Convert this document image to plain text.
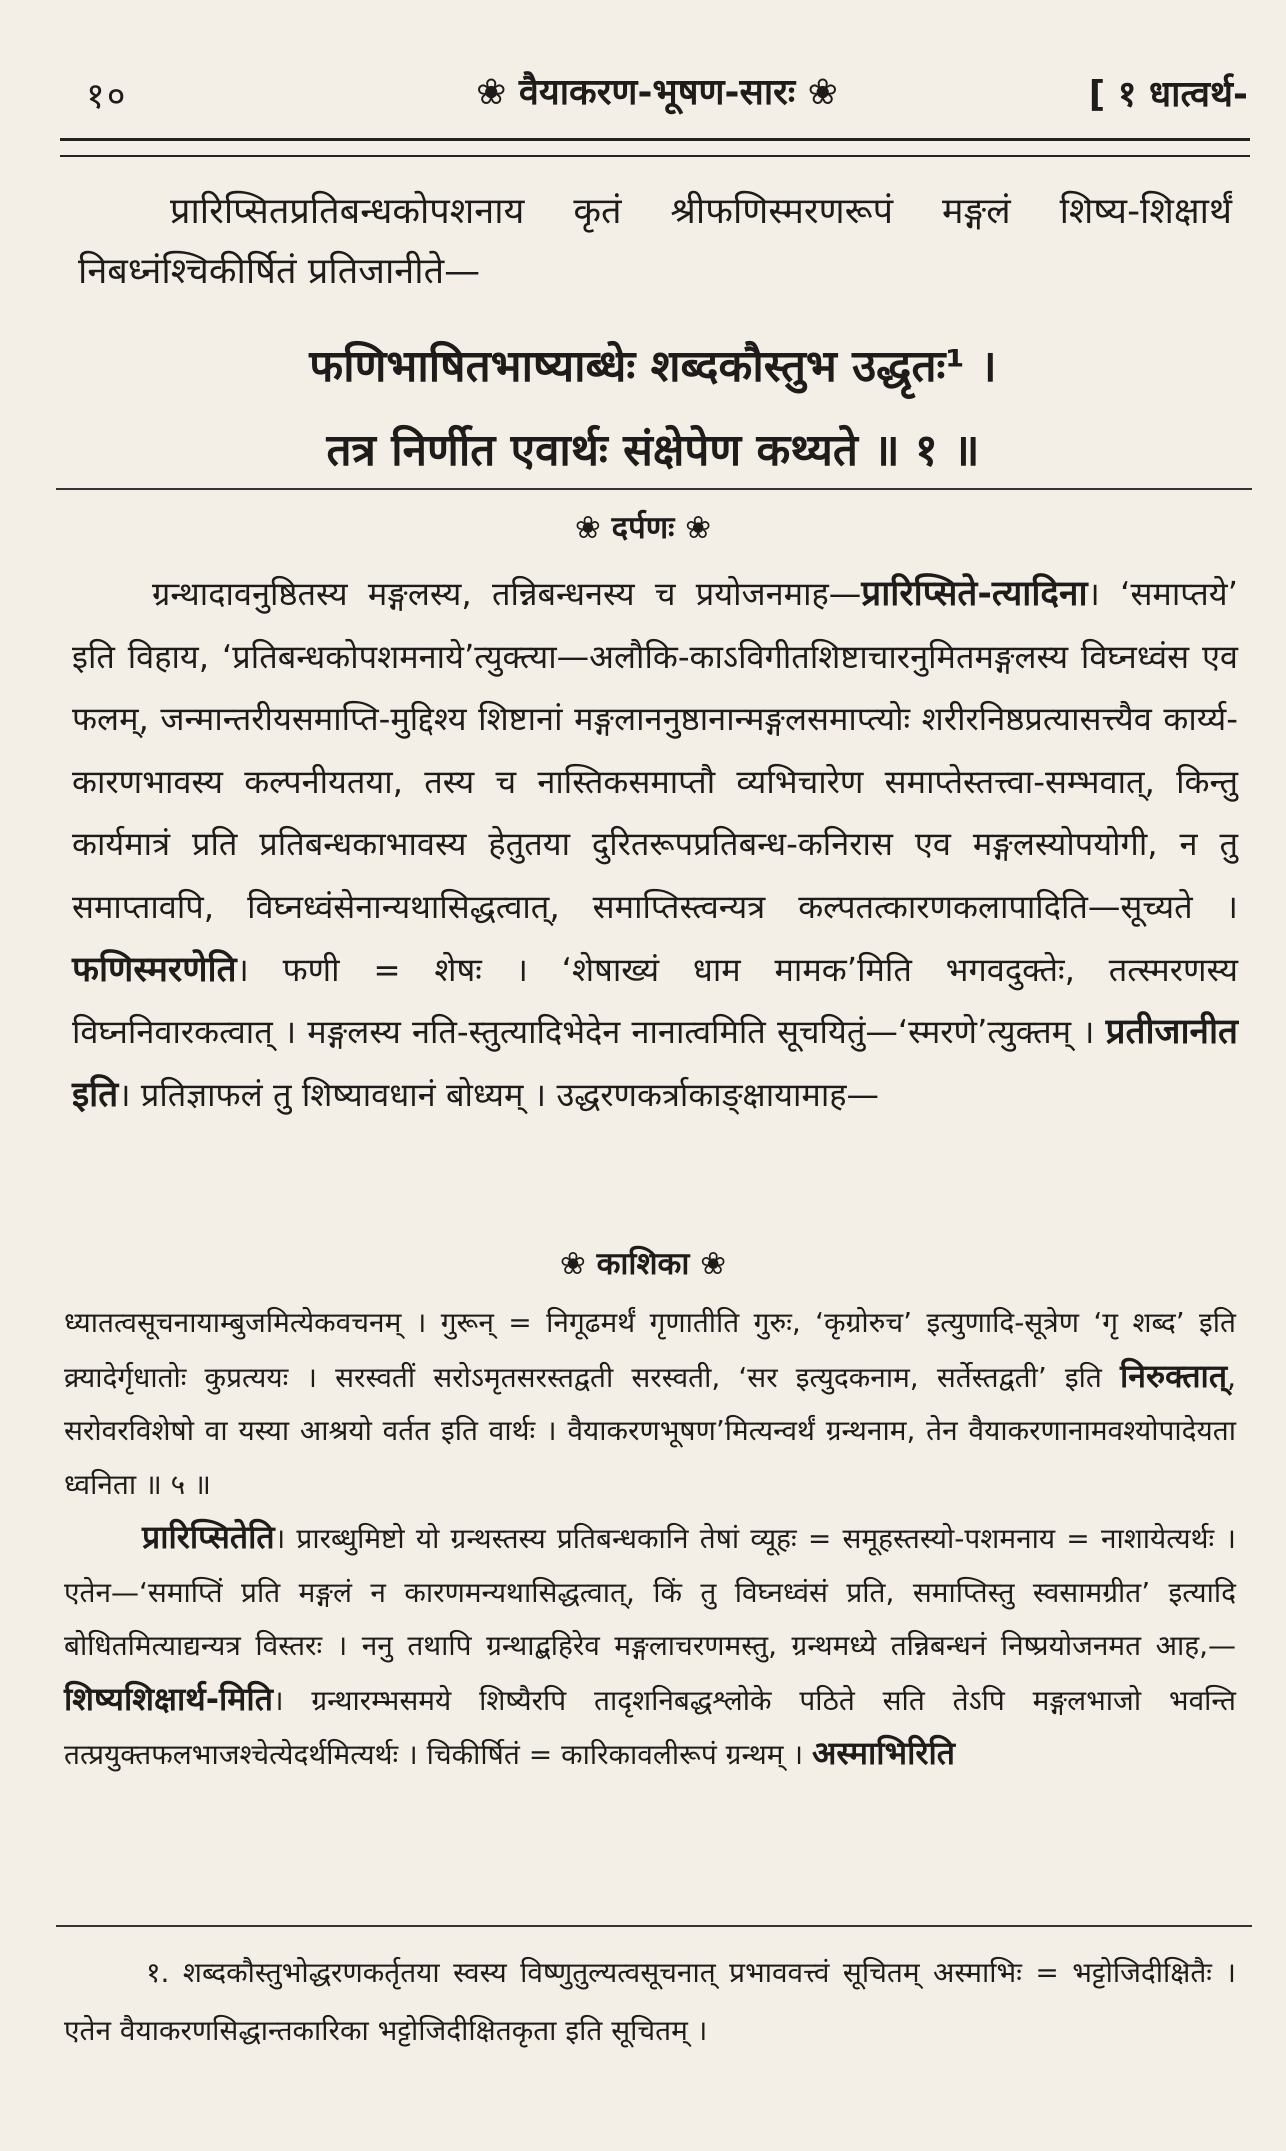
१०	❀ वैयाकरण-भूषण-सारः ❀	[ १ धात्वर्थ-
प्रारिप्सितप्रतिबन्धकोपशनाय कृतं श्रीफणिस्मरणरूपं मङ्गलं शिष्य-शिक्षार्थं निबध्नंश्चिकीर्षितं प्रतिजानीते—
फणिभाषितभाष्याब्धेः शब्दकौस्तुभ उद्धृतः¹ ।
तत्र निर्णीत एवार्थः संक्षेपेण कथ्यते ॥ १ ॥
❀ दर्पणः ❀
ग्रन्थादावनुष्ठितस्य मङ्गलस्य, तन्निबन्धनस्य च प्रयोजनमाह—प्रारिप्सिते-त्यादिना। ‘समाप्तये’ इति विहाय, ‘प्रतिबन्धकोपशमनाये’त्युक्त्या—अलौकि-काऽविगीतशिष्टाचारनुमितमङ्गलस्य विघ्नध्वंस एव फलम्, जन्मान्तरीयसमाप्ति-मुद्दिश्य शिष्टानां मङ्गलाननुष्ठानान्मङ्गलसमाप्त्योः शरीरनिष्ठप्रत्यासत्त्यैव कार्य्य-कारणभावस्य कल्पनीयतया, तस्य च नास्तिकसमाप्तौ व्यभिचारेण समाप्तेस्तत्त्वा-सम्भवात्, किन्तु कार्यमात्रं प्रति प्रतिबन्धकाभावस्य हेतुतया दुरितरूपप्रतिबन्ध-कनिरास एव मङ्गलस्योपयोगी, न तु समाप्तावपि, विघ्नध्वंसेनान्यथासिद्धत्वात्, समाप्तिस्त्वन्यत्र कल्पतत्कारणकलापादिति—सूच्यते । फणिस्मरणेति। फणी = शेषः । ‘शेषाख्यं धाम मामक’मिति भगवदुक्तेः, तत्स्मरणस्य विघ्ननिवारकत्वात् । मङ्गलस्य नति-स्तुत्यादिभेदेन नानात्वमिति सूचयितुं—‘स्मरणे’त्युक्तम् । प्रतीजानीत इति। प्रतिज्ञाफलं तु शिष्यावधानं बोध्यम् । उद्धरणकर्त्राकाङ्क्षायामाह—
❀ काशिका ❀
ध्यातत्वसूचनायाम्बुजमित्येकवचनम् । गुरून् = निगूढमर्थं गृणातीति गुरुः, ‘कृग्रोरुच’ इत्युणादि-सूत्रेण ‘गृ शब्द’ इति क्र्यादेर्गृधातोः कुप्रत्ययः । सरस्वतीं सरोऽमृतसरस्तद्वती सरस्वती, ‘सर इत्युदकनाम, सर्तेस्तद्वती’ इति निरुक्तात्, सरोवरविशेषो वा यस्या आश्रयो वर्तत इति वार्थः । वैयाकरणभूषण’मित्यन्वर्थं ग्रन्थनाम, तेन वैयाकरणानामवश्योपादेयता ध्वनिता ॥ ५ ॥
प्रारिप्सितेति। प्रारब्धुमिष्टो यो ग्रन्थस्तस्य प्रतिबन्धकानि तेषां व्यूहः = समूहस्तस्यो-पशमनाय = नाशायेत्यर्थः । एतेन—‘समाप्तिं प्रति मङ्गलं न कारणमन्यथासिद्धत्वात्, किं तु विघ्नध्वंसं प्रति, समाप्तिस्तु स्वसामग्रीत’ इत्यादि बोधितमित्याद्यन्यत्र विस्तरः । ननु तथापि ग्रन्थाद्बहिरेव मङ्गलाचरणमस्तु, ग्रन्थमध्ये तन्निबन्धनं निष्प्रयोजनमत आह,— शिष्यशिक्षार्थ-मिति। ग्रन्थारम्भसमये शिष्यैरपि तादृशनिबद्धश्लोके पठिते सति तेऽपि मङ्गलभाजो भवन्ति तत्प्रयुक्तफलभाजश्चेत्येदर्थमित्यर्थः । चिकीर्षितं = कारिकावलीरूपं ग्रन्थम् । अस्माभिरिति
१. शब्दकौस्तुभोद्धरणकर्तृतया स्वस्य विष्णुतुल्यत्वसूचनात् प्रभाववत्त्वं सूचितम् अस्माभिः = भट्टोजिदीक्षितैः । एतेन वैयाकरणसिद्धान्तकारिका भट्टोजिदीक्षितकृता इति सूचितम् ।
